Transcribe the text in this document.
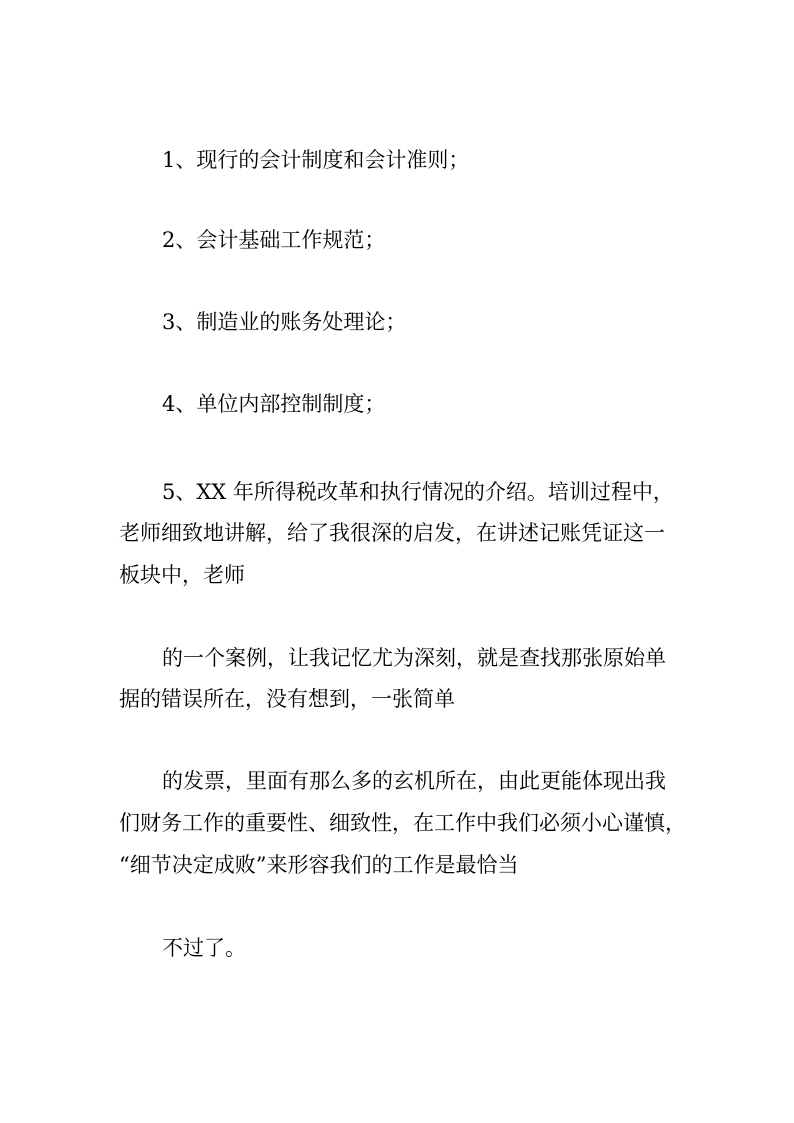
1、现行的会计制度和会计准则；
2、会计基础工作规范；
3、制造业的账务处理论；
4、单位内部控制制度；
5、XX 年所得税改革和执行情况的介绍。培训过程中，
老师细致地讲解，给了我很深的启发，在讲述记账凭证这一
板块中，老师
的一个案例，让我记忆尤为深刻，就是查找那张原始单
据的错误所在，没有想到，一张简单
的发票，里面有那么多的玄机所在，由此更能体现出我
们财务工作的重要性、细致性，在工作中我们必须小心谨慎，
“细节决定成败”来形容我们的工作是最恰当
不过了。
